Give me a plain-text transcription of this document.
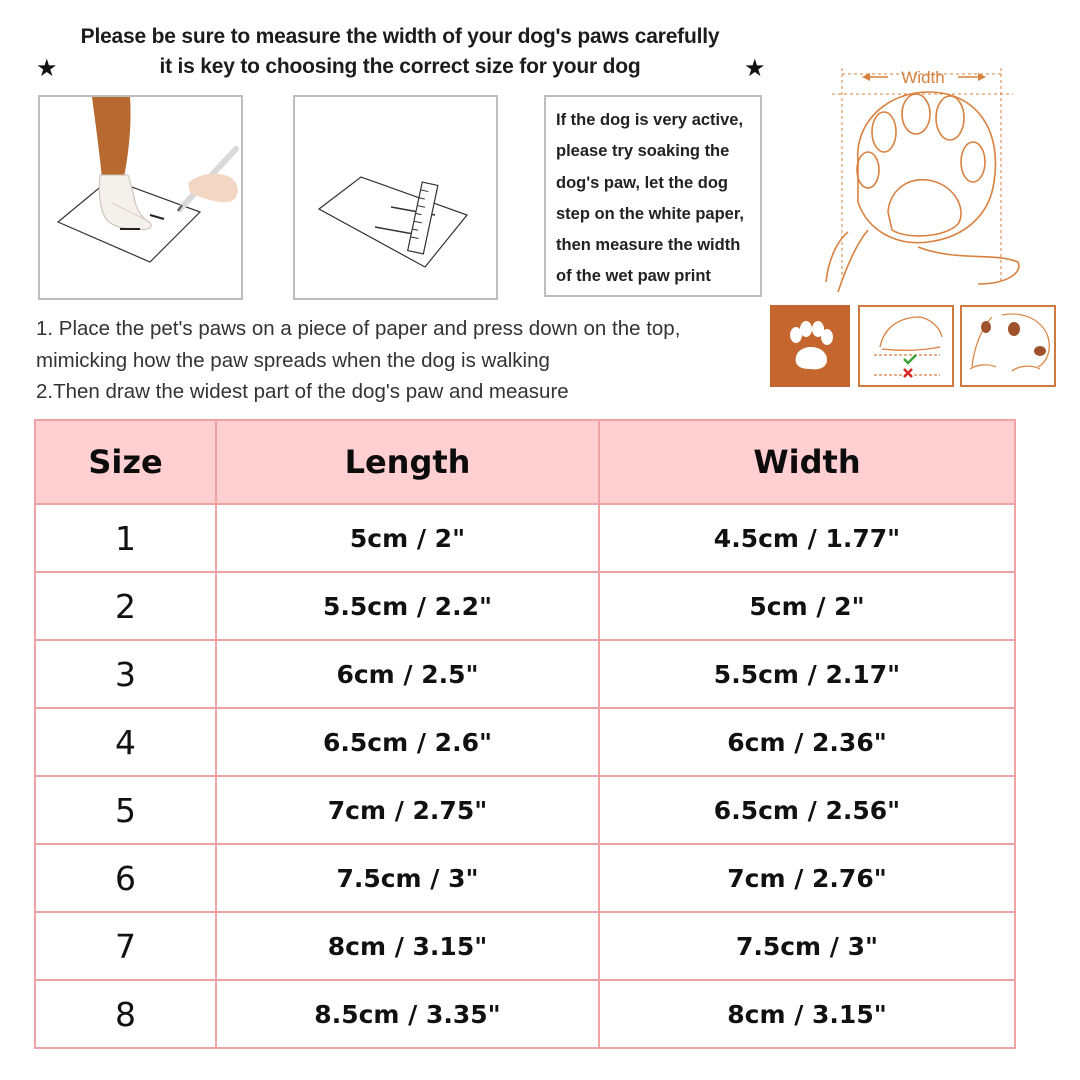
Please be sure to measure the width of your dog's paws carefully
it is key to choosing the correct size for your dog
★	★
If the dog is very active,
please try soaking the
dog's paw, let the dog
step on the white paper,
then measure the width
of the wet paw print
Width
1. Place the pet's paws on a piece of paper and press down on the top,
mimicking how the paw spreads when the dog is walking
2.Then draw the widest part of the dog's paw and measure
Size	Length	Width
1	5cm / 2"	4.5cm / 1.77"
2	5.5cm / 2.2"	5cm / 2"
3	6cm / 2.5"	5.5cm / 2.17"
4	6.5cm / 2.6"	6cm / 2.36"
5	7cm / 2.75"	6.5cm / 2.56"
6	7.5cm / 3"	7cm / 2.76"
7	8cm / 3.15"	7.5cm / 3"
8	8.5cm / 3.35"	8cm / 3.15"
